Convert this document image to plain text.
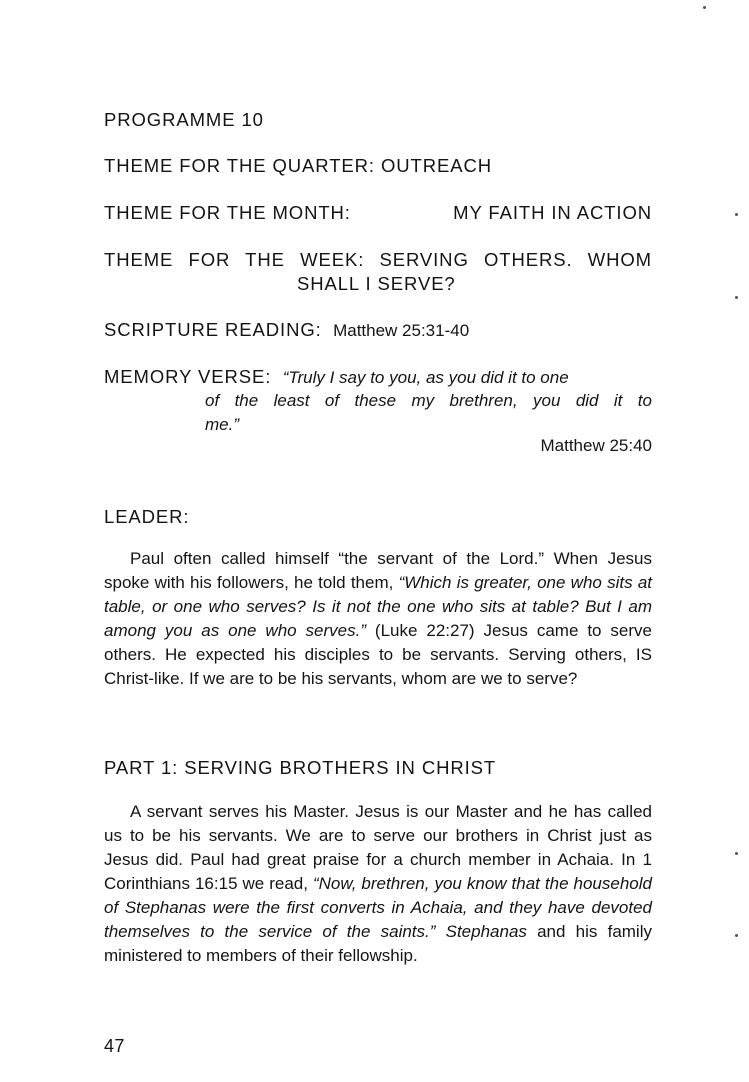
PROGRAMME 10
THEME FOR THE QUARTER: OUTREACH
THEME FOR THE MONTH:	MY FAITH IN ACTION
THEME FOR THE WEEK: SERVING OTHERS. WHOM
SHALL I SERVE?
SCRIPTURE READING: Matthew 25:31-40
MEMORY VERSE: “Truly I say to you, as you did it to one
of the least of these my brethren, you did it to
me.”
Matthew 25:40
LEADER:

Paul often called himself “the servant of the Lord.” When Jesus spoke with his followers, he told them, “Which is greater, one who sits at table, or one who serves? Is it not the one who sits at table? But I am among you as one who serves.” (Luke 22:27) Jesus came to serve others. He expected his disciples to be servants. Serving others, IS Christ-like. If we are to be his servants, whom are we to serve?

PART 1: SERVING BROTHERS IN CHRIST

A servant serves his Master. Jesus is our Master and he has called us to be his servants. We are to serve our brothers in Christ just as Jesus did. Paul had great praise for a church member in Achaia. In 1 Corinthians 16:15 we read, “Now, brethren, you know that the household of Stephanas were the first converts in Achaia, and they have devoted themselves to the service of the saints.” Stephanas and his family ministered to members of their fellowship.

47
